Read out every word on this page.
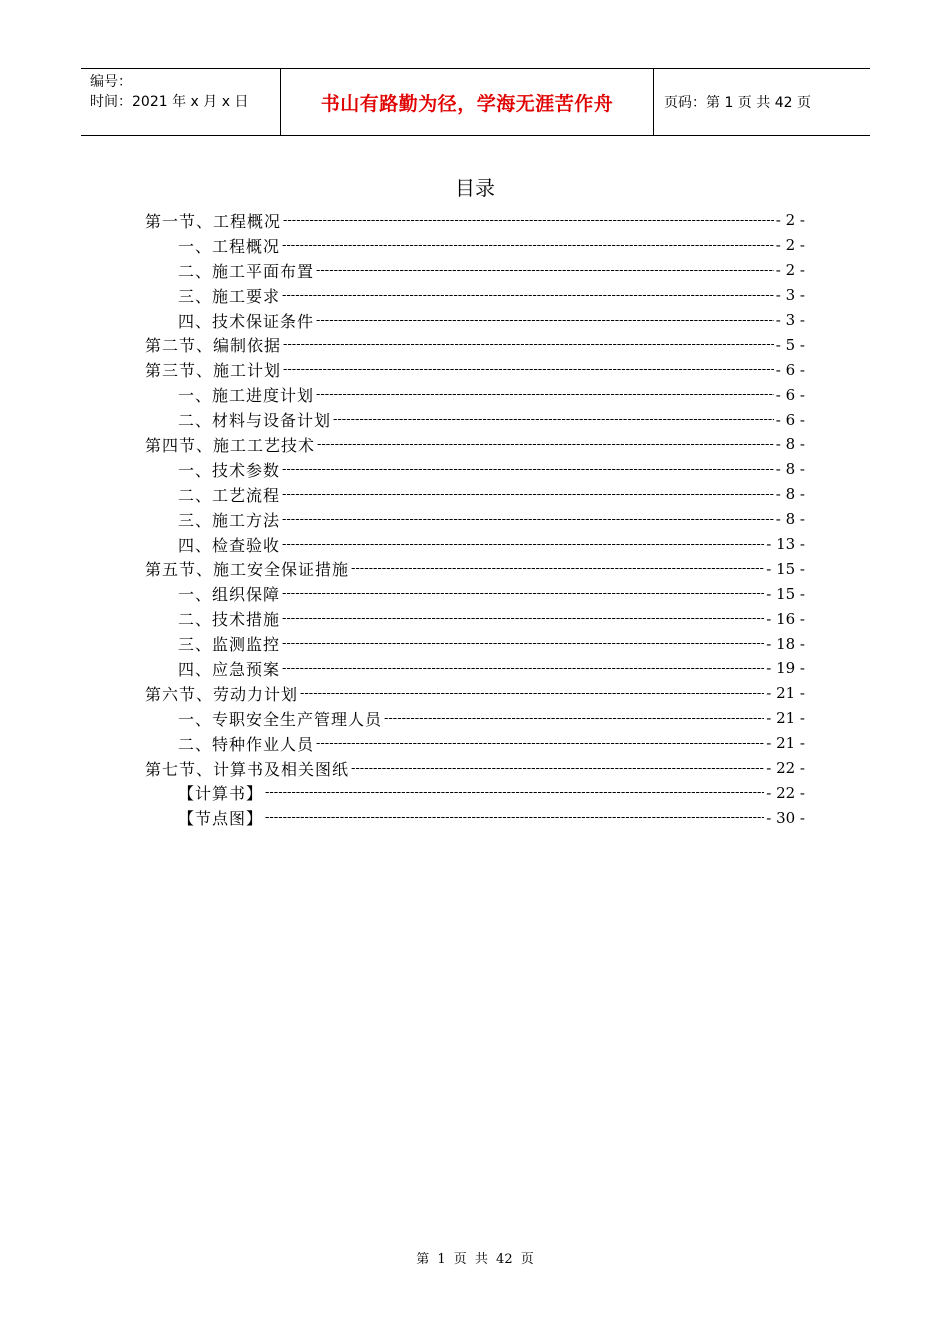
编号：
时间：2021 年 x 月 x 日	书山有路勤为径，学海无涯苦作舟	页码：第 1 页 共 42 页
目录
第一节、工程概况 -----	- 2 -
一、工程概况 -----	- 2 -
二、施工平面布置 -----	- 2 -
三、施工要求 -----	- 3 -
四、技术保证条件 -----	- 3 -
第二节、编制依据 -----	- 5 -
第三节、施工计划 -----	- 6 -
一、施工进度计划 -----	- 6 -
二、材料与设备计划 -----	- 6 -
第四节、施工工艺技术 -----	- 8 -
一、技术参数 -----	- 8 -
二、工艺流程 -----	- 8 -
三、施工方法 -----	- 8 -
四、检查验收 -----	- 13 -
第五节、施工安全保证措施 -----	- 15 -
一、组织保障 -----	- 15 -
二、技术措施 -----	- 16 -
三、监测监控 -----	- 18 -
四、应急预案 -----	- 19 -
第六节、劳动力计划 -----	- 21 -
一、专职安全生产管理人员 -----	- 21 -
二、特种作业人员 -----	- 21 -
第七节、计算书及相关图纸 -----	- 22 -
【计算书】 -----	- 22 -
【节点图】 -----	- 30 -
第 1 页 共 42 页
